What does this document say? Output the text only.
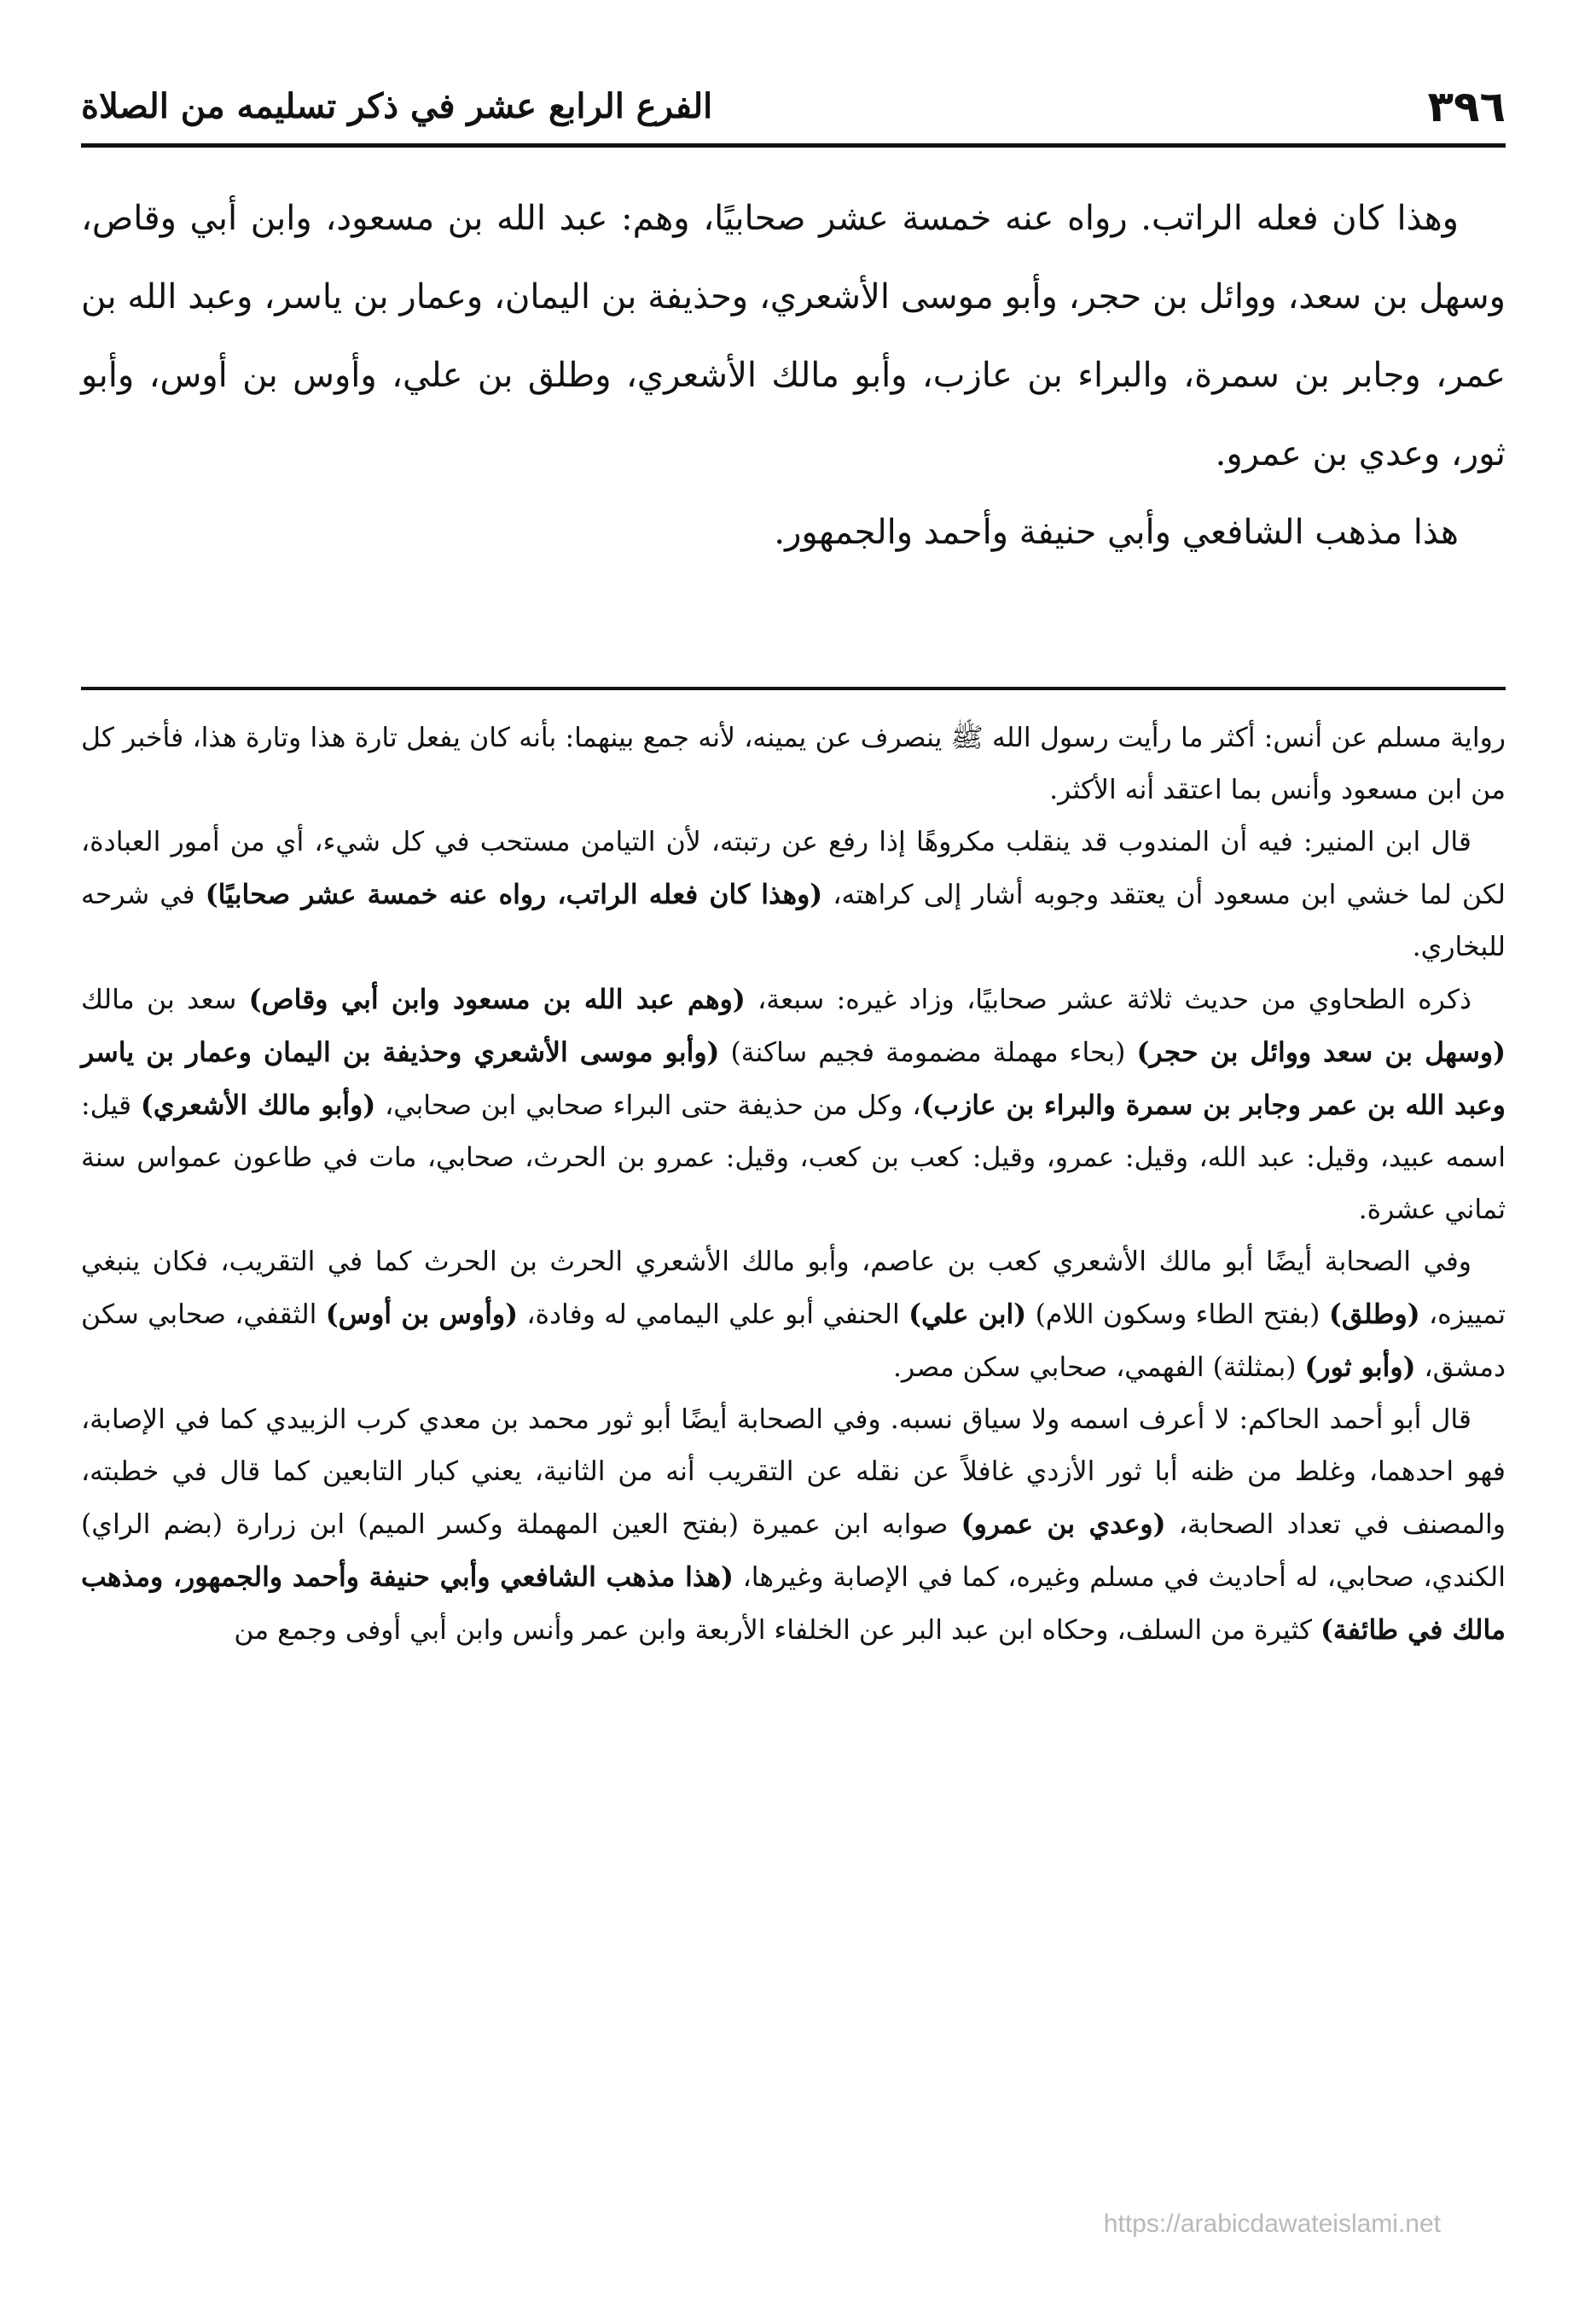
٣٩٦
الفرع الرابع عشر في ذكر تسليمه من الصلاة

وهذا كان فعله الراتب. رواه عنه خمسة عشر صحابيًا، وهم: عبد الله بن مسعود، وابن أبي وقاص، وسهل بن سعد، ووائل بن حجر، وأبو موسى الأشعري، وحذيفة بن اليمان، وعمار بن ياسر، وعبد الله بن عمر، وجابر بن سمرة، والبراء بن عازب، وأبو مالك الأشعري، وطلق بن علي، وأوس بن أوس، وأبو ثور، وعدي بن عمرو.

هذا مذهب الشافعي وأبي حنيفة وأحمد والجمهور.

رواية مسلم عن أنس: أكثر ما رأيت رسول الله ﷺ ينصرف عن يمينه، لأنه جمع بينهما: بأنه كان يفعل تارة هذا وتارة هذا، فأخبر كل من ابن مسعود وأنس بما اعتقد أنه الأكثر.

قال ابن المنير: فيه أن المندوب قد ينقلب مكروهًا إذا رفع عن رتبته، لأن التيامن مستحب في كل شيء، أي من أمور العبادة، لكن لما خشي ابن مسعود أن يعتقد وجوبه أشار إلى كراهته، (وهذا كان فعله الراتب، رواه عنه خمسة عشر صحابيًا) في شرحه للبخاري.

ذكره الطحاوي من حديث ثلاثة عشر صحابيًا، وزاد غيره: سبعة، (وهم عبد الله بن مسعود وابن أبي وقاص) سعد بن مالك (وسهل بن سعد ووائل بن حجر) (بحاء مهملة مضمومة فجيم ساكنة) (وأبو موسى الأشعري وحذيفة بن اليمان وعمار بن ياسر وعبد الله بن عمر وجابر بن سمرة والبراء بن عازب)، وكل من حذيفة حتى البراء صحابي ابن صحابي، (وأبو مالك الأشعري) قيل: اسمه عبيد، وقيل: عبد الله، وقيل: عمرو، وقيل: كعب بن كعب، وقيل: عمرو بن الحرث، صحابي، مات في طاعون عمواس سنة ثماني عشرة.

وفي الصحابة أيضًا أبو مالك الأشعري كعب بن عاصم، وأبو مالك الأشعري الحرث بن الحرث كما في التقريب، فكان ينبغي تمييزه، (وطلق) (بفتح الطاء وسكون اللام) (ابن علي) الحنفي أبو علي اليمامي له وفادة، (وأوس بن أوس) الثقفي، صحابي سكن دمشق، (وأبو ثور) (بمثلثة) الفهمي، صحابي سكن مصر.

قال أبو أحمد الحاكم: لا أعرف اسمه ولا سياق نسبه. وفي الصحابة أيضًا أبو ثور محمد بن معدي كرب الزبيدي كما في الإصابة، فهو احدهما، وغلط من ظنه أبا ثور الأزدي غافلاً عن نقله عن التقريب أنه من الثانية، يعني كبار التابعين كما قال في خطبته، والمصنف في تعداد الصحابة، (وعدي بن عمرو) صوابه ابن عميرة (بفتح العين المهملة وكسر الميم) ابن زرارة (بضم الراي) الكندي، صحابي، له أحاديث في مسلم وغيره، كما في الإصابة وغيرها، (هذا مذهب الشافعي وأبي حنيفة وأحمد والجمهور، ومذهب مالك في طائفة) كثيرة من السلف، وحكاه ابن عبد البر عن الخلفاء الأربعة وابن عمر وأنس وابن أبي أوفى وجمع من

https://arabicdawateislami.net
